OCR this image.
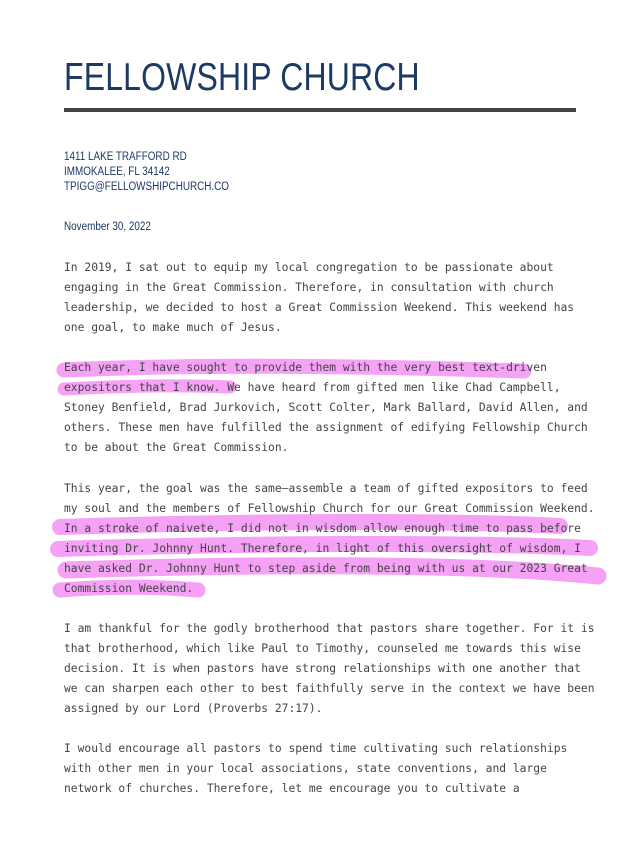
FELLOWSHIP CHURCH
1411 LAKE TRAFFORD RD
IMMOKALEE, FL 34142
TPIGG@FELLOWSHIPCHURCH.CO
November 30, 2022
In 2019, I sat out to equip my local congregation to be passionate about
engaging in the Great Commission. Therefore, in consultation with church
leadership, we decided to host a Great Commission Weekend. This weekend has
one goal, to make much of Jesus.
Each year, I have sought to provide them with the very best text-driven
expositors that I know. We have heard from gifted men like Chad Campbell,
Stoney Benfield, Brad Jurkovich, Scott Colter, Mark Ballard, David Allen, and
others. These men have fulfilled the assignment of edifying Fellowship Church
to be about the Great Commission.
This year, the goal was the same—assemble a team of gifted expositors to feed
my soul and the members of Fellowship Church for our Great Commission Weekend.
In a stroke of naivete, I did not in wisdom allow enough time to pass before
inviting Dr. Johnny Hunt. Therefore, in light of this oversight of wisdom, I
have asked Dr. Johnny Hunt to step aside from being with us at our 2023 Great
Commission Weekend.
I am thankful for the godly brotherhood that pastors share together. For it is
that brotherhood, which like Paul to Timothy, counseled me towards this wise
decision. It is when pastors have strong relationships with one another that
we can sharpen each other to best faithfully serve in the context we have been
assigned by our Lord (Proverbs 27:17).
I would encourage all pastors to spend time cultivating such relationships
with other men in your local associations, state conventions, and large
network of churches. Therefore, let me encourage you to cultivate a
